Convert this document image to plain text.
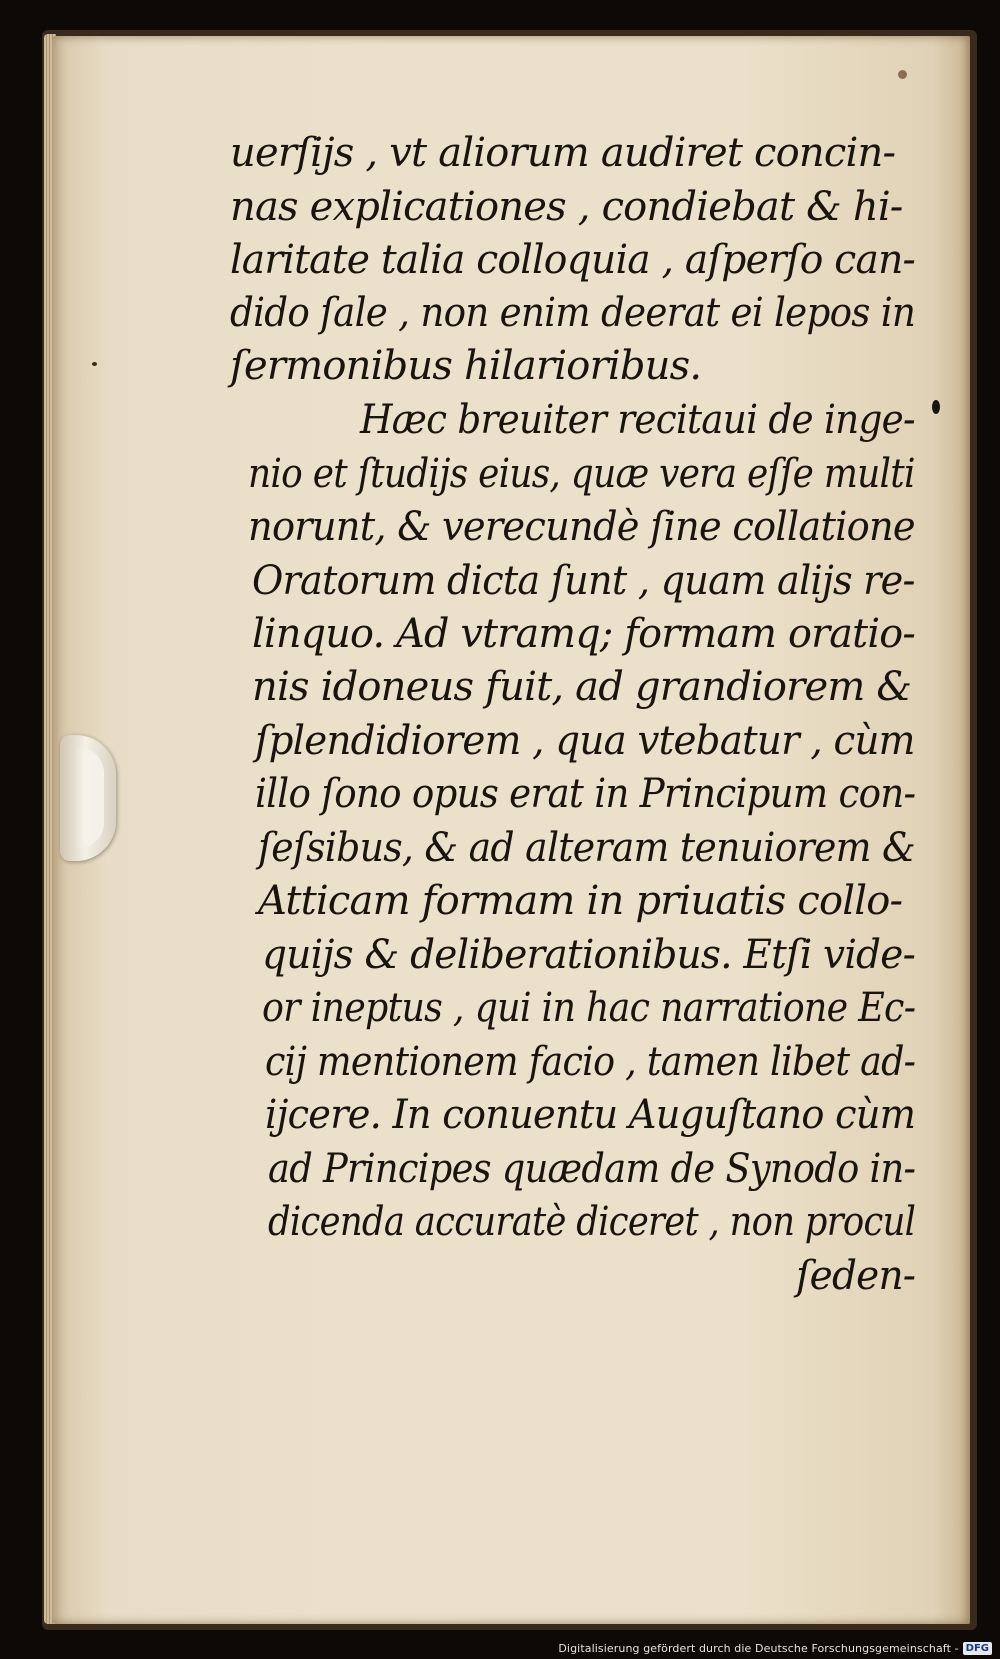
uerſijs , vt aliorum audiret concin-
nas explicationes , condiebat & hi-
laritate talia colloquia , aſperſo can-
dido ſale , non enim deerat ei lepos in
ſermonibus hilarioribus.
Hæc breuiter recitaui de inge-
nio et ſtudijs eius, quæ vera eſſe multi
norunt, & verecundè ſine collatione
Oratorum dicta ſunt , quam alijs re-
linquo. Ad vtramq; formam oratio-
nis idoneus fuit, ad grandiorem &
ſplendidiorem , qua vtebatur , cùm
illo ſono opus erat in Principum con-
ſeſsibus, & ad alteram tenuiorem &
Atticam formam in priuatis collo-
quijs & deliberationibus. Etſi vide-
or ineptus , qui in hac narratione Ec-
cij mentionem facio , tamen libet ad-
ijcere. In conuentu Auguſtano cùm
ad Principes quædam de Synodo in-
dicenda accuratè diceret , non procul
ſeden-
Digitalisierung gefördert durch die Deutsche Forschungsgemeinschaft - DFG
